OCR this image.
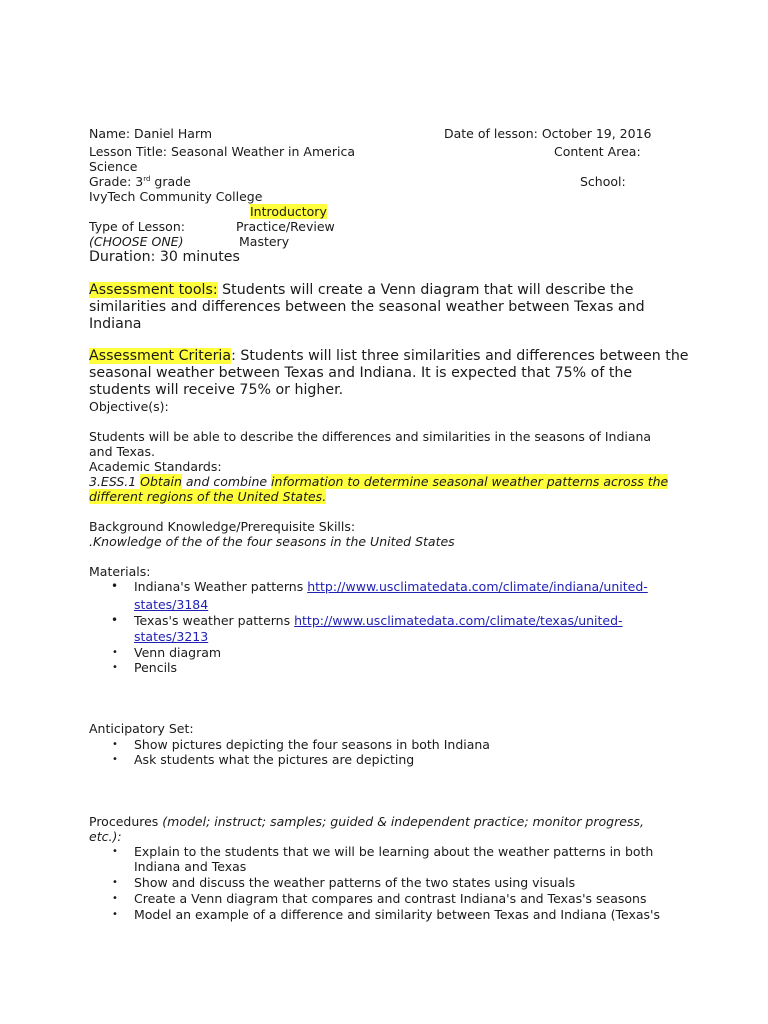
Name: Daniel Harm	Date of lesson: October 19, 2016
Lesson Title: Seasonal Weather in America	Content Area:
Science
Grade: 3rd grade	School:
IvyTech Community College
Introductory
Type of Lesson:	Practice/Review
(CHOOSE ONE)	Mastery
Duration: 30 minutes
Assessment tools: Students will create a Venn diagram that will describe the
similarities and differences between the seasonal weather between Texas and
Indiana
Assessment Criteria: Students will list three similarities and differences between the
seasonal weather between Texas and Indiana. It is expected that 75% of the
students will receive 75% or higher.
Objective(s):
Students will be able to describe the differences and similarities in the seasons of Indiana
and Texas.
Academic Standards:
3.ESS.1 Obtain and combine information to determine seasonal weather patterns across the
different regions of the United States.
Background Knowledge/Prerequisite Skills:
.Knowledge of the of the four seasons in the United States
Materials:
• Indiana's Weather patterns http://www.usclimatedata.com/climate/indiana/united-
states/3184
• Texas's weather patterns http://www.usclimatedata.com/climate/texas/united-
states/3213
• Venn diagram
• Pencils
Anticipatory Set:
• Show pictures depicting the four seasons in both Indiana
• Ask students what the pictures are depicting
Procedures (model; instruct; samples; guided & independent practice; monitor progress,
etc.):
• Explain to the students that we will be learning about the weather patterns in both
Indiana and Texas
• Show and discuss the weather patterns of the two states using visuals
• Create a Venn diagram that compares and contrast Indiana's and Texas's seasons
• Model an example of a difference and similarity between Texas and Indiana (Texas's
